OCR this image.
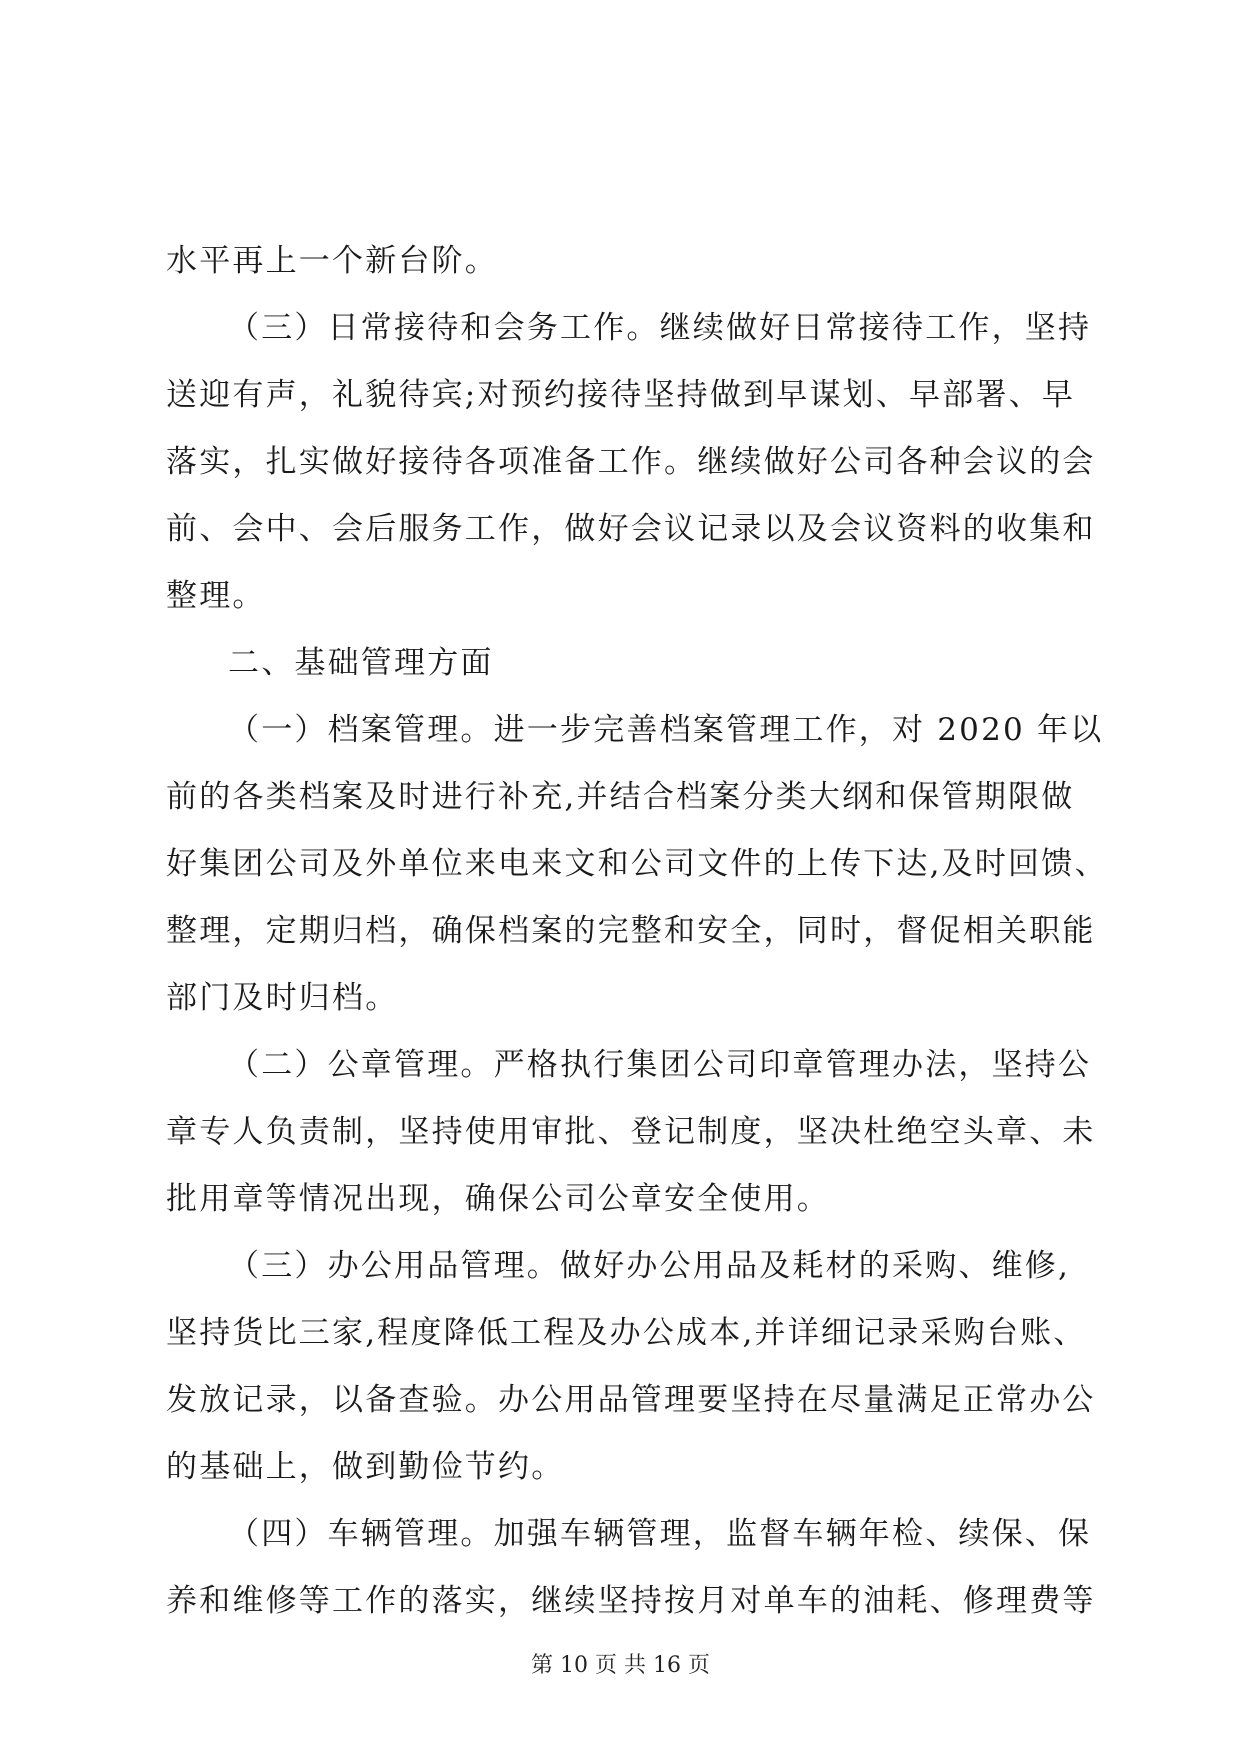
水平再上一个新台阶。
（三）日常接待和会务工作。继续做好日常接待工作，坚持
送迎有声，礼貌待宾;对预约接待坚持做到早谋划、早部署、早
落实，扎实做好接待各项准备工作。继续做好公司各种会议的会
前、会中、会后服务工作，做好会议记录以及会议资料的收集和
整理。
二、基础管理方面
（一）档案管理。进一步完善档案管理工作，对 2020 年以
前的各类档案及时进行补充,并结合档案分类大纲和保管期限做
好集团公司及外单位来电来文和公司文件的上传下达,及时回馈、
整理，定期归档，确保档案的完整和安全，同时，督促相关职能
部门及时归档。
（二）公章管理。严格执行集团公司印章管理办法，坚持公
章专人负责制，坚持使用审批、登记制度，坚决杜绝空头章、未
批用章等情况出现，确保公司公章安全使用。
（三）办公用品管理。做好办公用品及耗材的采购、维修,
坚持货比三家,程度降低工程及办公成本,并详细记录采购台账、
发放记录，以备查验。办公用品管理要坚持在尽量满足正常办公
的基础上，做到勤俭节约。
（四）车辆管理。加强车辆管理，监督车辆年检、续保、保
养和维修等工作的落实，继续坚持按月对单车的油耗、修理费等
第 10 页 共 16 页
